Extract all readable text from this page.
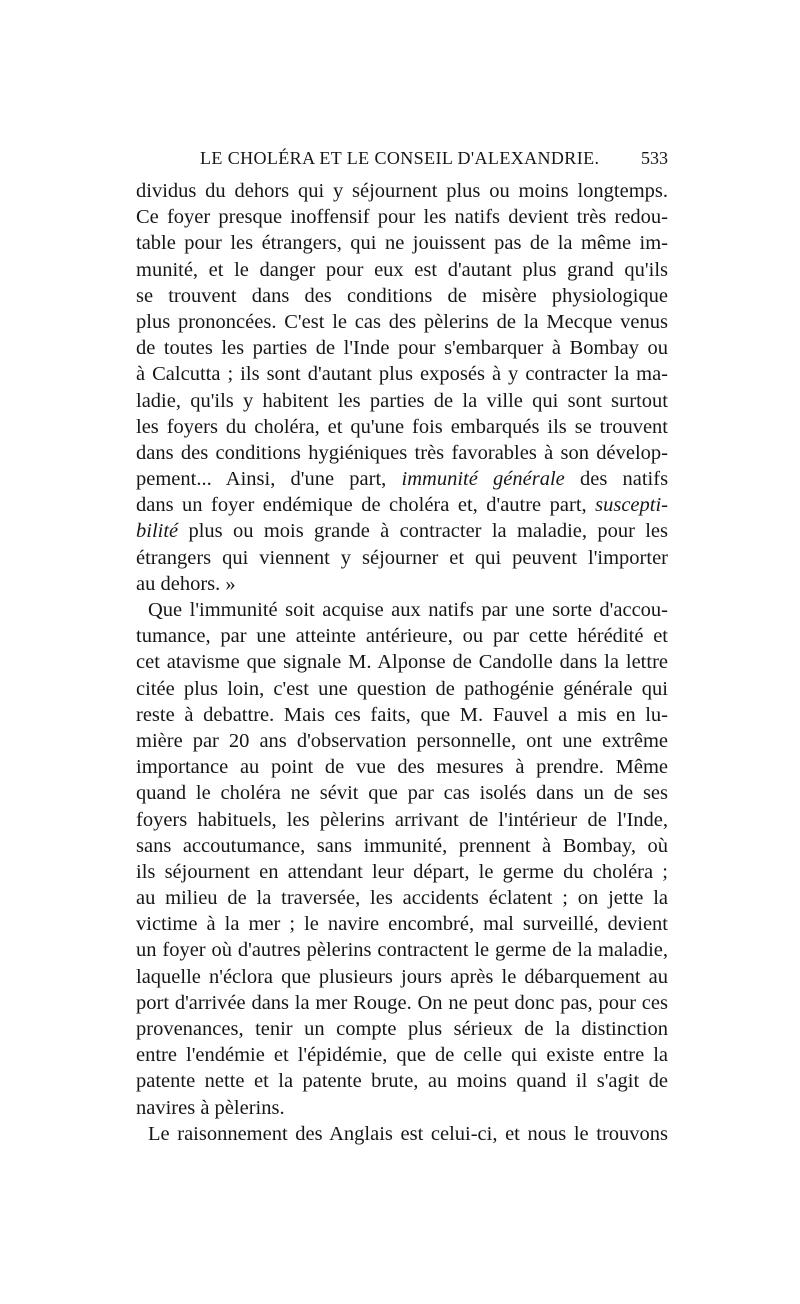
LE CHOLÉRA ET LE CONSEIL D'ALEXANDRIE. 533
dividus du dehors qui y séjournent plus ou moins longtemps.
Ce foyer presque inoffensif pour les natifs devient très redou-
table pour les étrangers, qui ne jouissent pas de la même im-
munité, et le danger pour eux est d'autant plus grand qu'ils
se trouvent dans des conditions de misère physiologique
plus prononcées. C'est le cas des pèlerins de la Mecque venus
de toutes les parties de l'Inde pour s'embarquer à Bombay ou
à Calcutta ; ils sont d'autant plus exposés à y contracter la ma-
ladie, qu'ils y habitent les parties de la ville qui sont surtout
les foyers du choléra, et qu'une fois embarqués ils se trouvent
dans des conditions hygiéniques très favorables à son dévelop-
pement... Ainsi, d'une part, immunité générale des natifs
dans un foyer endémique de choléra et, d'autre part, suscepti-
bilité plus ou mois grande à contracter la maladie, pour les
étrangers qui viennent y séjourner et qui peuvent l'importer
au dehors. »
Que l'immunité soit acquise aux natifs par une sorte d'accou-
tumance, par une atteinte antérieure, ou par cette hérédité et
cet atavisme que signale M. Alponse de Candolle dans la lettre
citée plus loin, c'est une question de pathogénie générale qui
reste à debattre. Mais ces faits, que M. Fauvel a mis en lu-
mière par 20 ans d'observation personnelle, ont une extrême
importance au point de vue des mesures à prendre. Même
quand le choléra ne sévit que par cas isolés dans un de ses
foyers habituels, les pèlerins arrivant de l'intérieur de l'Inde,
sans accoutumance, sans immunité, prennent à Bombay, où
ils séjournent en attendant leur départ, le germe du choléra ;
au milieu de la traversée, les accidents éclatent ; on jette la
victime à la mer ; le navire encombré, mal surveillé, devient
un foyer où d'autres pèlerins contractent le germe de la maladie,
laquelle n'éclora que plusieurs jours après le débarquement au
port d'arrivée dans la mer Rouge. On ne peut donc pas, pour ces
provenances, tenir un compte plus sérieux de la distinction
entre l'endémie et l'épidémie, que de celle qui existe entre la
patente nette et la patente brute, au moins quand il s'agit de
navires à pèlerins.
Le raisonnement des Anglais est celui-ci, et nous le trouvons
